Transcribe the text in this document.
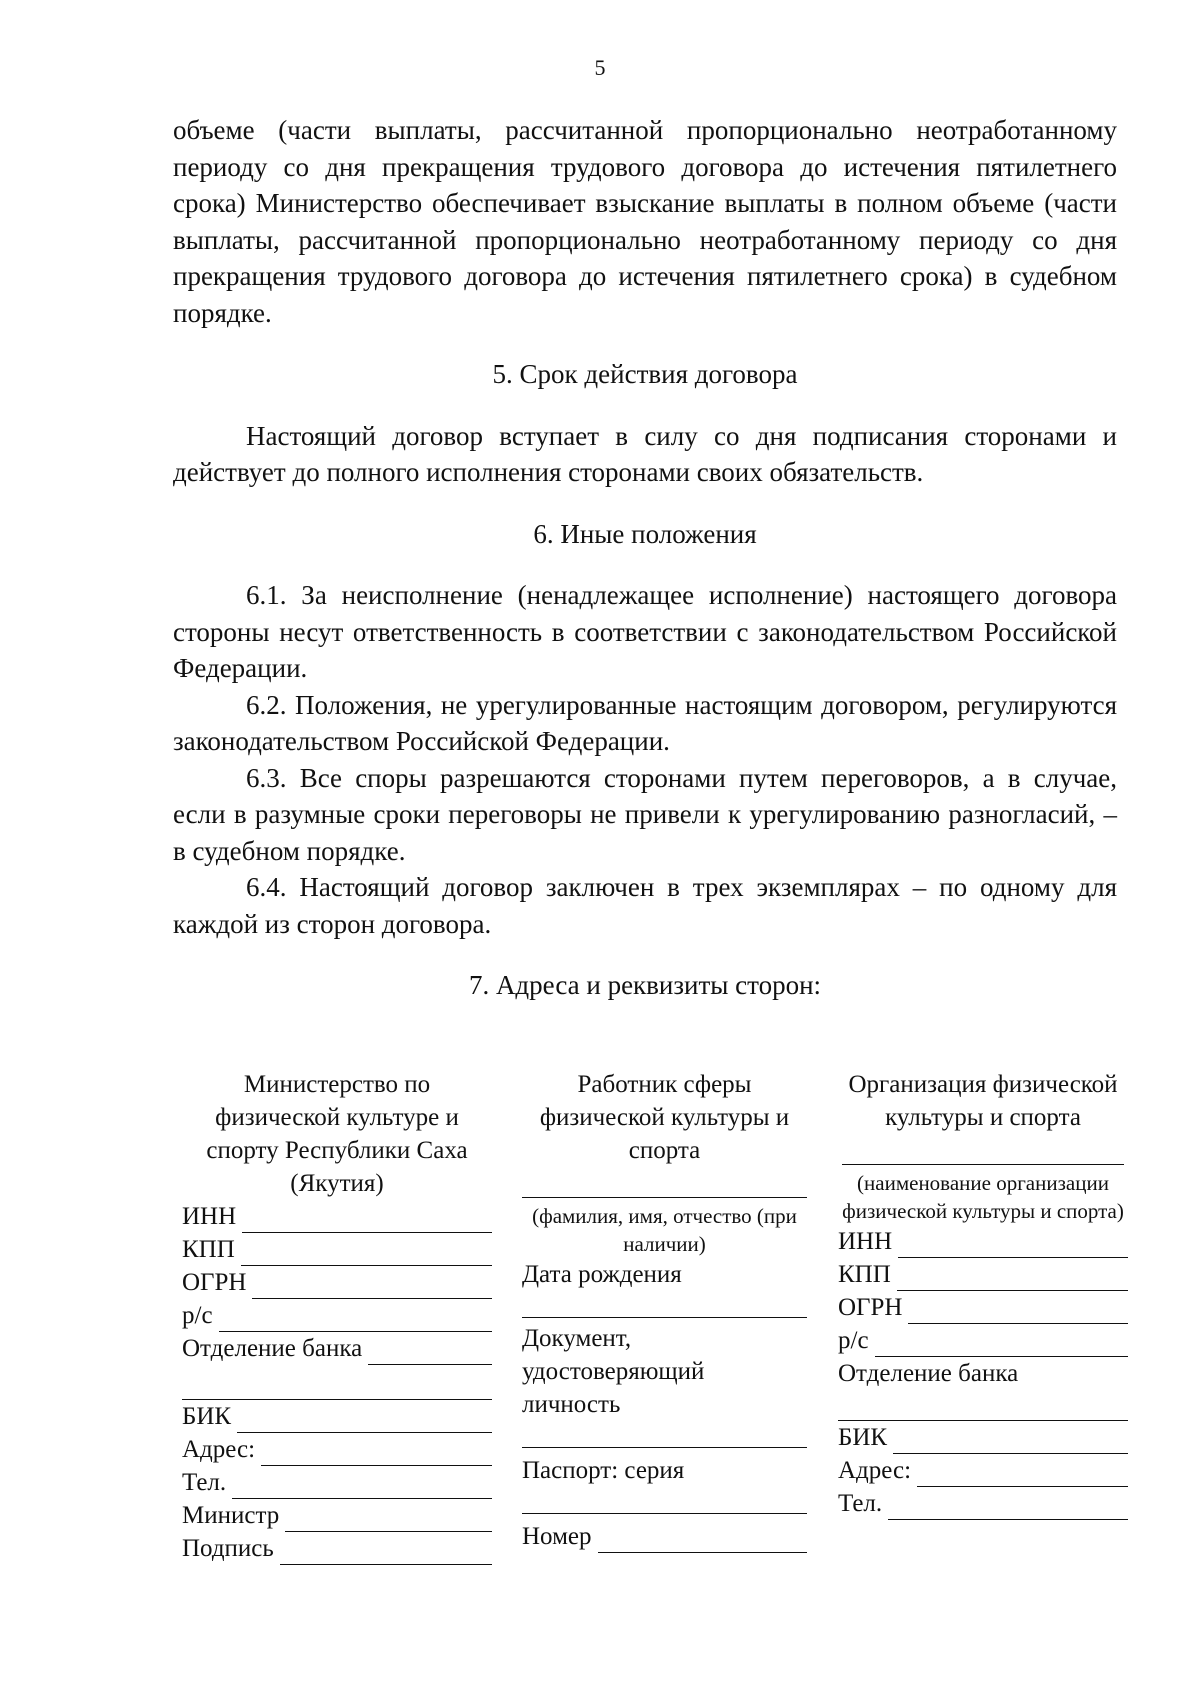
5

объеме (части выплаты, рассчитанной пропорционально неотработанному периоду со дня прекращения трудового договора до истечения пятилетнего срока) Министерство обеспечивает взыскание выплаты в полном объеме (части выплаты, рассчитанной пропорционально неотработанному периоду со дня прекращения трудового договора до истечения пятилетнего срока) в судебном порядке.

5. Срок действия договора

Настоящий договор вступает в силу со дня подписания сторонами и действует до полного исполнения сторонами своих обязательств.

6. Иные положения

6.1. За неисполнение (ненадлежащее исполнение) настоящего договора стороны несут ответственность в соответствии с законодательством Российской Федерации.

6.2. Положения, не урегулированные настоящим договором, регулируются законодательством Российской Федерации.

6.3. Все споры разрешаются сторонами путем переговоров, а в случае, если в разумные сроки переговоры не привели к урегулированию разногласий, – в судебном порядке.

6.4. Настоящий договор заключен в трех экземплярах – по одному для каждой из сторон договора.

7. Адреса и реквизиты сторон:

Министерство по физической культуре и спорту Республики Саха (Якутия)
ИНН
КПП
ОГРН
р/с
Отделение банка
БИК
Адрес:
Тел.
Министр
Подпись
Работник сферы физической культуры и спорта
(фамилия, имя, отчество (при наличии)
Дата рождения
Документ, удостоверяющий личность
Паспорт: серия
Номер
Организация физической культуры и спорта
(наименование организации физической культуры и спорта)
ИНН
КПП
ОГРН
р/с
Отделение банка
БИК
Адрес:
Тел.
